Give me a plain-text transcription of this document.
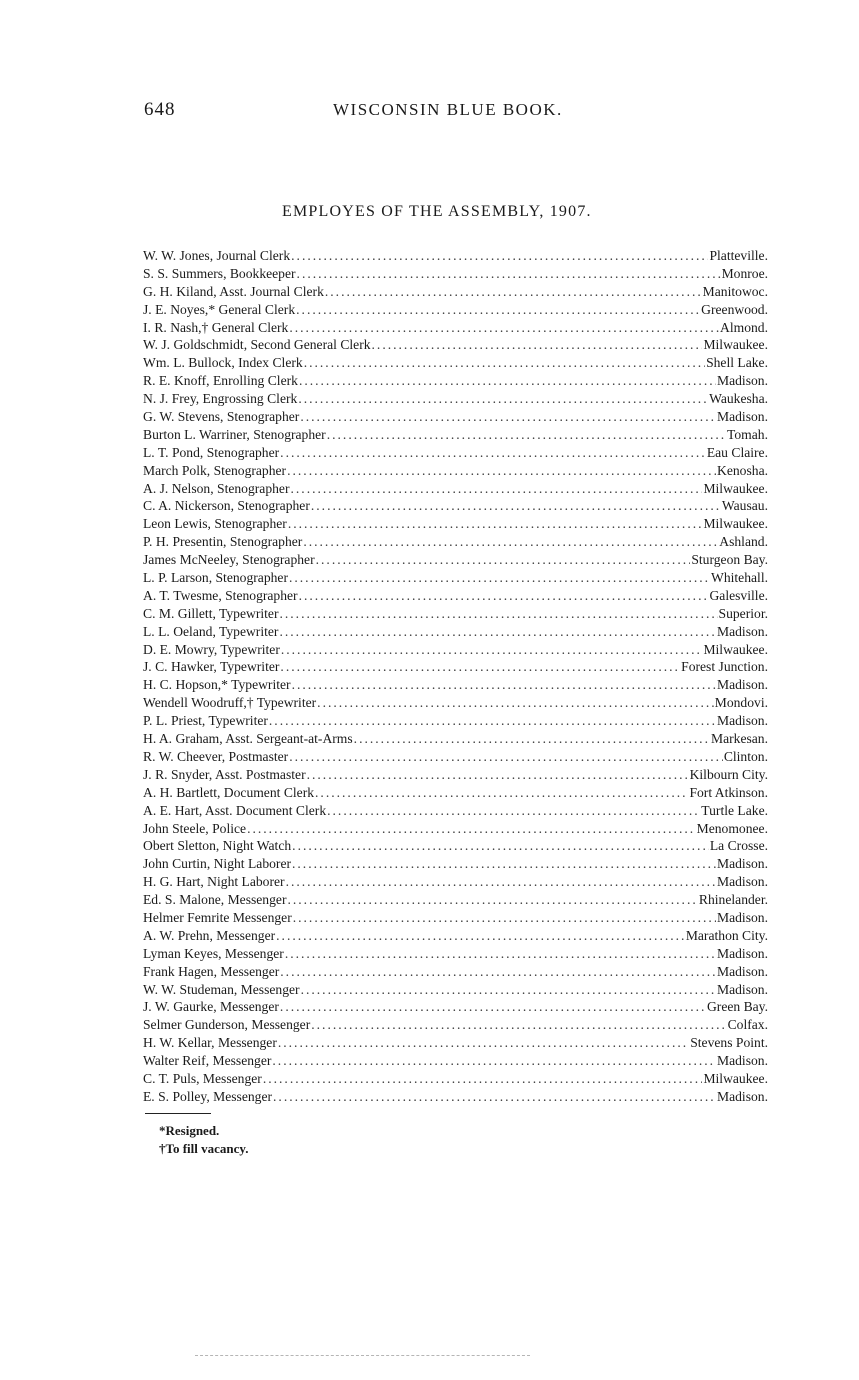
648	WISCONSIN BLUE BOOK.
EMPLOYES OF THE ASSEMBLY, 1907.
W. W. Jones, Journal Clerk .....	Platteville.
S. S. Summers, Bookkeeper .....	Monroe.
G. H. Kiland, Asst. Journal Clerk .....	Manitowoc.
J. E. Noyes,* General Clerk .....	Greenwood.
I. R. Nash,† General Clerk .....	Almond.
W. J. Goldschmidt, Second General Clerk .....	Milwaukee.
Wm. L. Bullock, Index Clerk .....	Shell Lake.
R. E. Knoff, Enrolling Clerk .....	Madison.
N. J. Frey, Engrossing Clerk .....	Waukesha.
G. W. Stevens, Stenographer .....	Madison.
Burton L. Warriner, Stenographer .....	Tomah.
L. T. Pond, Stenographer .....	Eau Claire.
March Polk, Stenographer .....	Kenosha.
A. J. Nelson, Stenographer .....	Milwaukee.
C. A. Nickerson, Stenographer .....	Wausau.
Leon Lewis, Stenographer .....	Milwaukee.
P. H. Presentin, Stenographer .....	Ashland.
James McNeeley, Stenographer .....	Sturgeon Bay.
L. P. Larson, Stenographer .....	Whitehall.
A. T. Twesme, Stenographer .....	Galesville.
C. M. Gillett, Typewriter .....	Superior.
L. L. Oeland, Typewriter .....	Madison.
D. E. Mowry, Typewriter .....	Milwaukee.
J. C. Hawker, Typewriter .....	Forest Junction.
H. C. Hopson,* Typewriter .....	Madison.
Wendell Woodruff,† Typewriter .....	Mondovi.
P. L. Priest, Typewriter .....	Madison.
H. A. Graham, Asst. Sergeant-at-Arms .....	Markesan.
R. W. Cheever, Postmaster .....	Clinton.
J. R. Snyder, Asst. Postmaster .....	Kilbourn City.
A. H. Bartlett, Document Clerk .....	Fort Atkinson.
A. E. Hart, Asst. Document Clerk .....	Turtle Lake.
John Steele, Police .....	Menomonee.
Obert Sletton, Night Watch .....	La Crosse.
John Curtin, Night Laborer .....	Madison.
H. G. Hart, Night Laborer .....	Madison.
Ed. S. Malone, Messenger .....	Rhinelander.
Helmer Femrite Messenger .....	Madison.
A. W. Prehn, Messenger .....	Marathon City.
Lyman Keyes, Messenger .....	Madison.
Frank Hagen, Messenger .....	Madison.
W. W. Studeman, Messenger .....	Madison.
J. W. Gaurke, Messenger .....	Green Bay.
Selmer Gunderson, Messenger .....	Colfax.
H. W. Kellar, Messenger .....	Stevens Point.
Walter Reif, Messenger .....	Madison.
C. T. Puls, Messenger .....	Milwaukee.
E. S. Polley, Messenger .....	Madison.
*Resigned.
†To fill vacancy.
